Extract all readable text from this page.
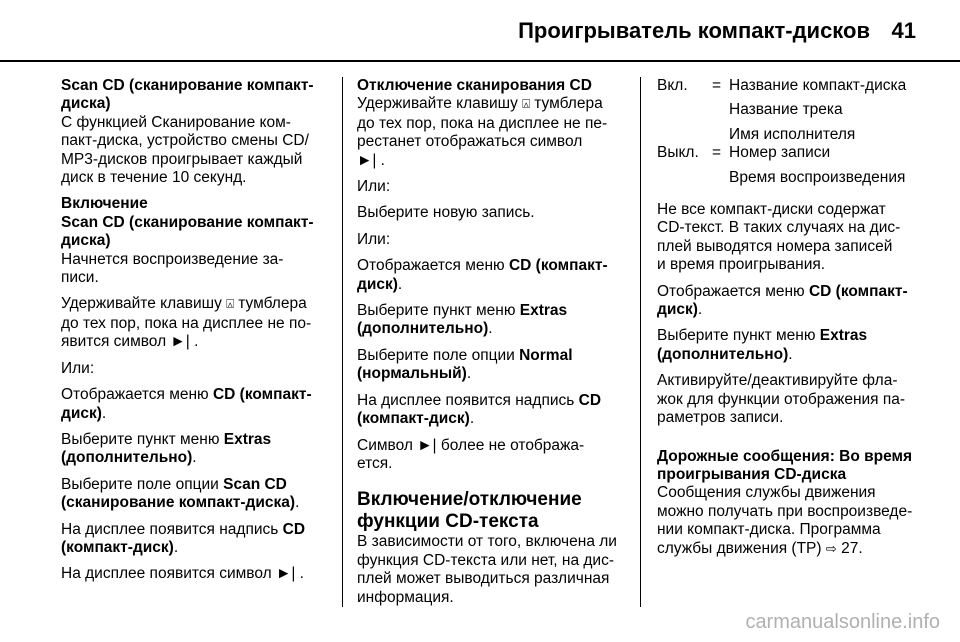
Проигрыватель компакт-дисков 41
Scan CD (сканирование компакт-
диска)
С функцией Сканирование ком-
пакт-диска, устройство смены CD/
MP3-дисков проигрывает каждый
диск в течение 10 секунд.
Включение
Scan CD (сканирование компакт-
диска)
Начнется воспроизведение за-
писи.
Удерживайте клавишу ⍓ тумблера
до тех пор, пока на дисплее не по-
явится символ ►| .
Или:
Отображается меню CD (компакт-
диск).
Выберите пункт меню Extras
(дополнительно).
Выберите поле опции Scan CD
(сканирование компакт-диска).
На дисплее появится надпись CD
(компакт-диск).
На дисплее появится символ ►| .
Отключение сканирования CD
Удерживайте клавишу ⍓ тумблера
до тех пор, пока на дисплее не пе-
рестанет отображаться символ
►| .
Или:
Выберите новую запись.
Или:
Отображается меню CD (компакт-
диск).
Выберите пункт меню Extras
(дополнительно).
Выберите поле опции Normal
(нормальный).
На дисплее появится надпись CD
(компакт-диск).
Символ ►| более не отобража-
ется.
Включение/отключение
функции CD-текста
В зависимости от того, включена ли
функция CD-текста или нет, на дис-
плей может выводиться различная
информация.
Вкл.	= Название компакт-диска
Название трека
Имя исполнителя
Выкл. = Номер записи
Время воспроизведения
Не все компакт-диски содержат
CD-текст. В таких случаях на дис-
плей выводятся номера записей
и время проигрывания.
Отображается меню CD (компакт-
диск).
Выберите пункт меню Extras
(дополнительно).
Активируйте/деактивируйте фла-
жок для функции отображения па-
раметров записи.
Дорожные сообщения: Во время
проигрывания CD-диска
Сообщения службы движения
можно получать при воспроизведе-
нии компакт-диска. Программа
службы движения (TP) ⇨ 27.
carmanualsonline.info
